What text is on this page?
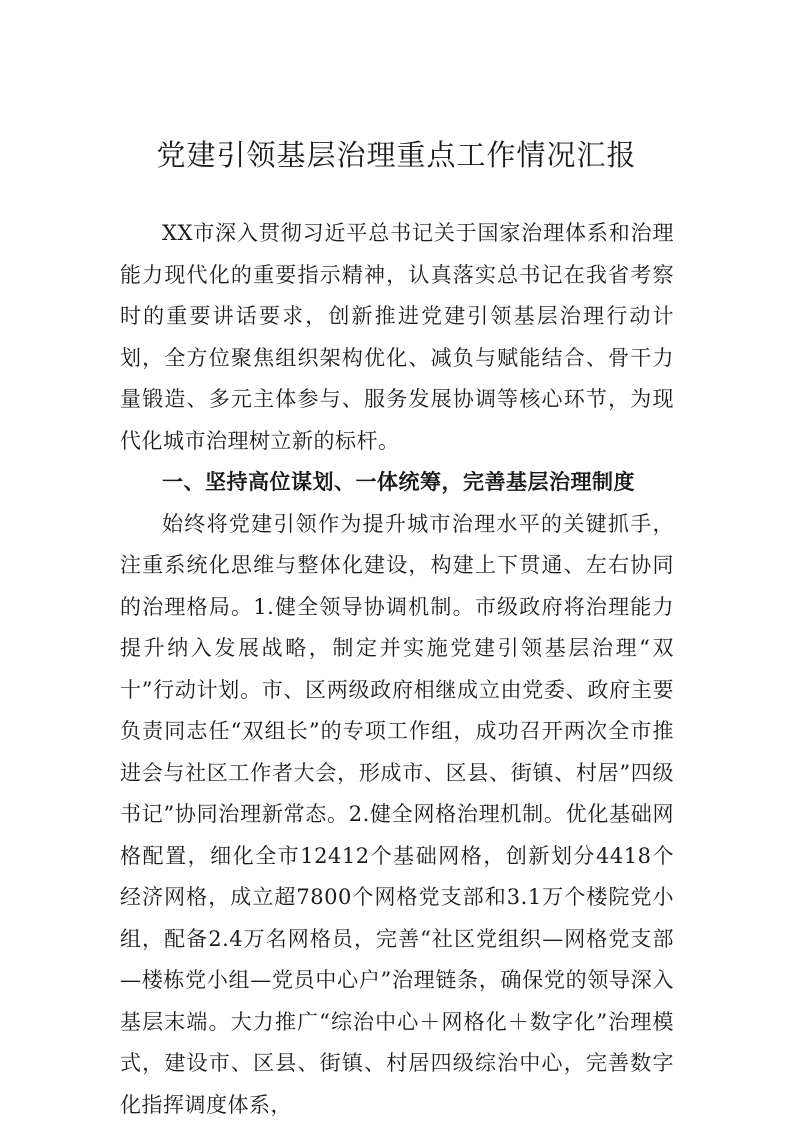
党建引领基层治理重点工作情况汇报

XX市深入贯彻习近平总书记关于国家治理体系和治理能力现代化的重要指示精神，认真落实总书记在我省考察时的重要讲话要求，创新推进党建引领基层治理行动计划，全方位聚焦组织架构优化、减负与赋能结合、骨干力量锻造、多元主体参与、服务发展协调等核心环节，为现代化城市治理树立新的标杆。

一、坚持高位谋划、一体统筹，完善基层治理制度

始终将党建引领作为提升城市治理水平的关键抓手，注重系统化思维与整体化建设，构建上下贯通、左右协同的治理格局。1.健全领导协调机制。市级政府将治理能力提升纳入发展战略，制定并实施党建引领基层治理“双十”行动计划。市、区两级政府相继成立由党委、政府主要负责同志任“双组长”的专项工作组，成功召开两次全市推进会与社区工作者大会，形成市、区县、街镇、村居”四级书记”协同治理新常态。2.健全网格治理机制。优化基础网格配置，细化全市12412个基础网格，创新划分4418个经济网格，成立超7800个网格党支部和3.1万个楼院党小组，配备2.4万名网格员，完善“社区党组织—网格党支部—楼栋党小组—党员中心户”治理链条，确保党的领导深入基层末端。大力推广“综治中心＋网格化＋数字化”治理模式，建设市、区县、街镇、村居四级综治中心，完善数字化指挥调度体系，
